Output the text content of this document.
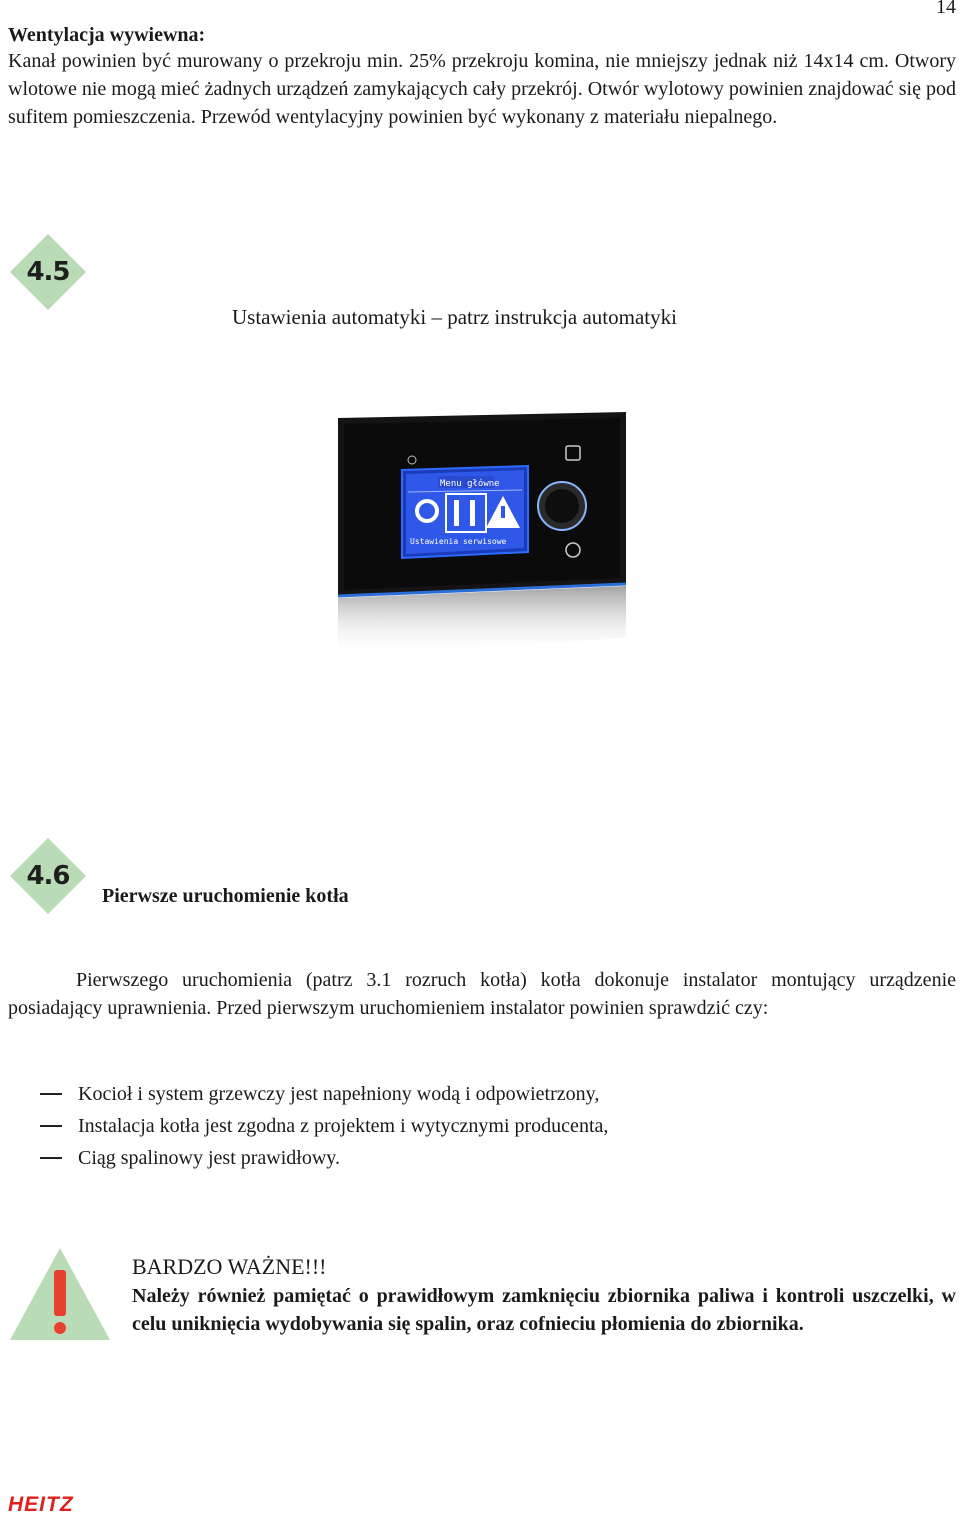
14
Wentylacja wywiewna:
Kanał powinien być murowany o przekroju min. 25% przekroju komina, nie mniejszy jednak niż 14x14 cm. Otwory wlotowe nie mogą mieć żadnych urządzeń zamykających cały przekrój. Otwór wylotowy powinien znajdować się pod sufitem pomieszczenia. Przewód wentylacyjny powinien być wykonany z materiału niepalnego.
4.5
Ustawienia automatyki – patrz instrukcja automatyki
Menu główne
Ustawienia serwisowe
4.6
Pierwsze uruchomienie kotła
Pierwszego uruchomienia (patrz 3.1 rozruch kotła) kotła dokonuje instalator montujący urządzenie posiadający uprawnienia. Przed pierwszym uruchomieniem instalator powinien sprawdzić czy:
Kocioł i system grzewczy jest napełniony wodą i odpowietrzony,
Instalacja kotła jest zgodna z projektem i wytycznymi producenta,
Ciąg spalinowy jest prawidłowy.
BARDZO WAŻNE!!!
Należy również pamiętać o prawidłowym zamknięciu zbiornika paliwa i kontroli uszczelki, w celu uniknięcia wydobywania się spalin, oraz cofnieciu płomienia do zbiornika.
HEITZ
